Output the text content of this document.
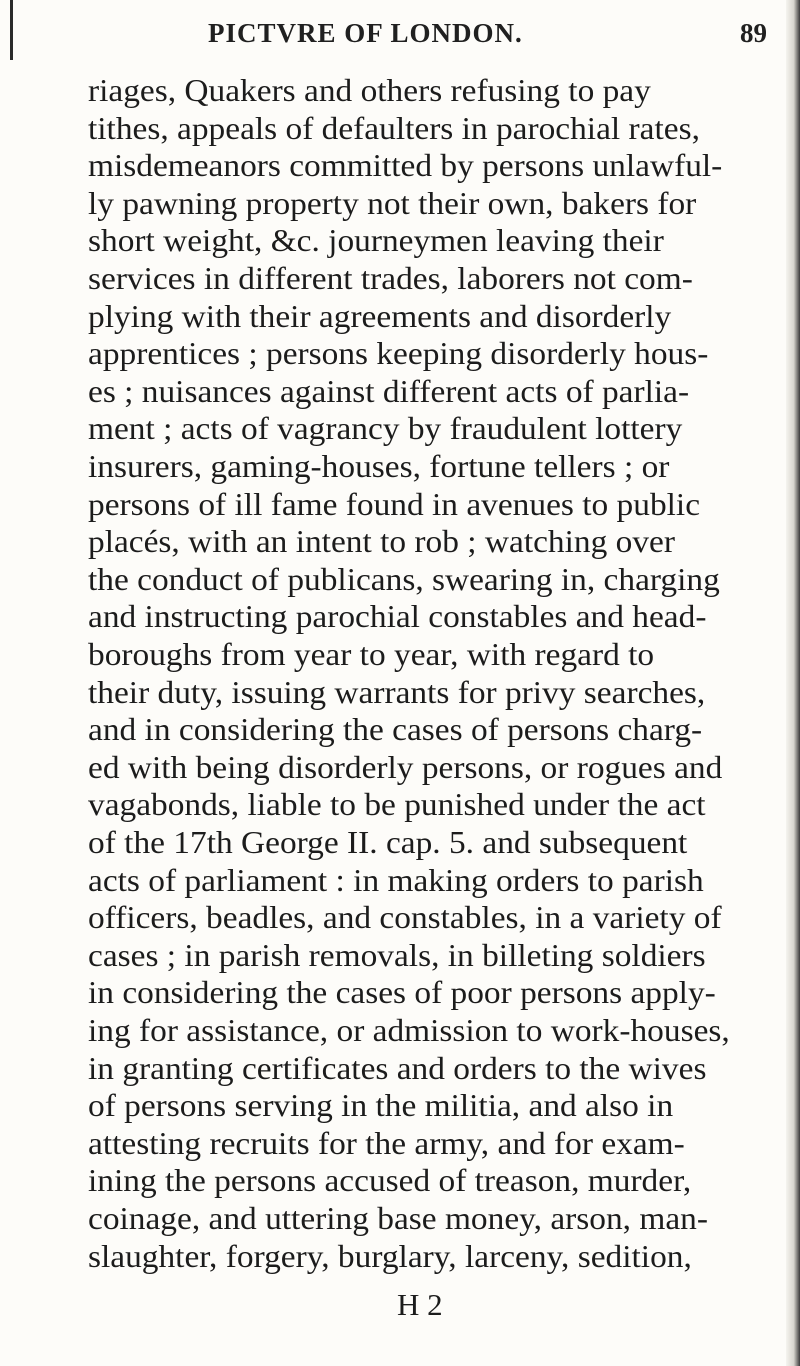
PICTVRE OF LONDON.	89
riages, Quakers and others refusing to pay
tithes, appeals of defaulters in parochial rates,
misdemeanors committed by persons unlawful-
ly pawning property not their own, bakers for
short weight, &c. journeymen leaving their
services in different trades, laborers not com-
plying with their agreements and disorderly
apprentices ; persons keeping disorderly hous-
es ; nuisances against different acts of parlia-
ment ; acts of vagrancy by fraudulent lottery
insurers, gaming-houses, fortune tellers ; or
persons of ill fame found in avenues to public
placés, with an intent to rob ; watching over
the conduct of publicans, swearing in, charging
and instructing parochial constables and head-
boroughs from year to year, with regard to
their duty, issuing warrants for privy searches,
and in considering the cases of persons charg-
ed with being disorderly persons, or rogues and
vagabonds, liable to be punished under the act
of the 17th George II. cap. 5. and subsequent
acts of parliament : in making orders to parish
officers, beadles, and constables, in a variety of
cases ; in parish removals, in billeting soldiers
in considering the cases of poor persons apply-
ing for assistance, or admission to work-houses,
in granting certificates and orders to the wives
of persons serving in the militia, and also in
attesting recruits for the army, and for exam-
ining the persons accused of treason, murder,
coinage, and uttering base money, arson, man-
slaughter, forgery, burglary, larceny, sedition,
H 2
